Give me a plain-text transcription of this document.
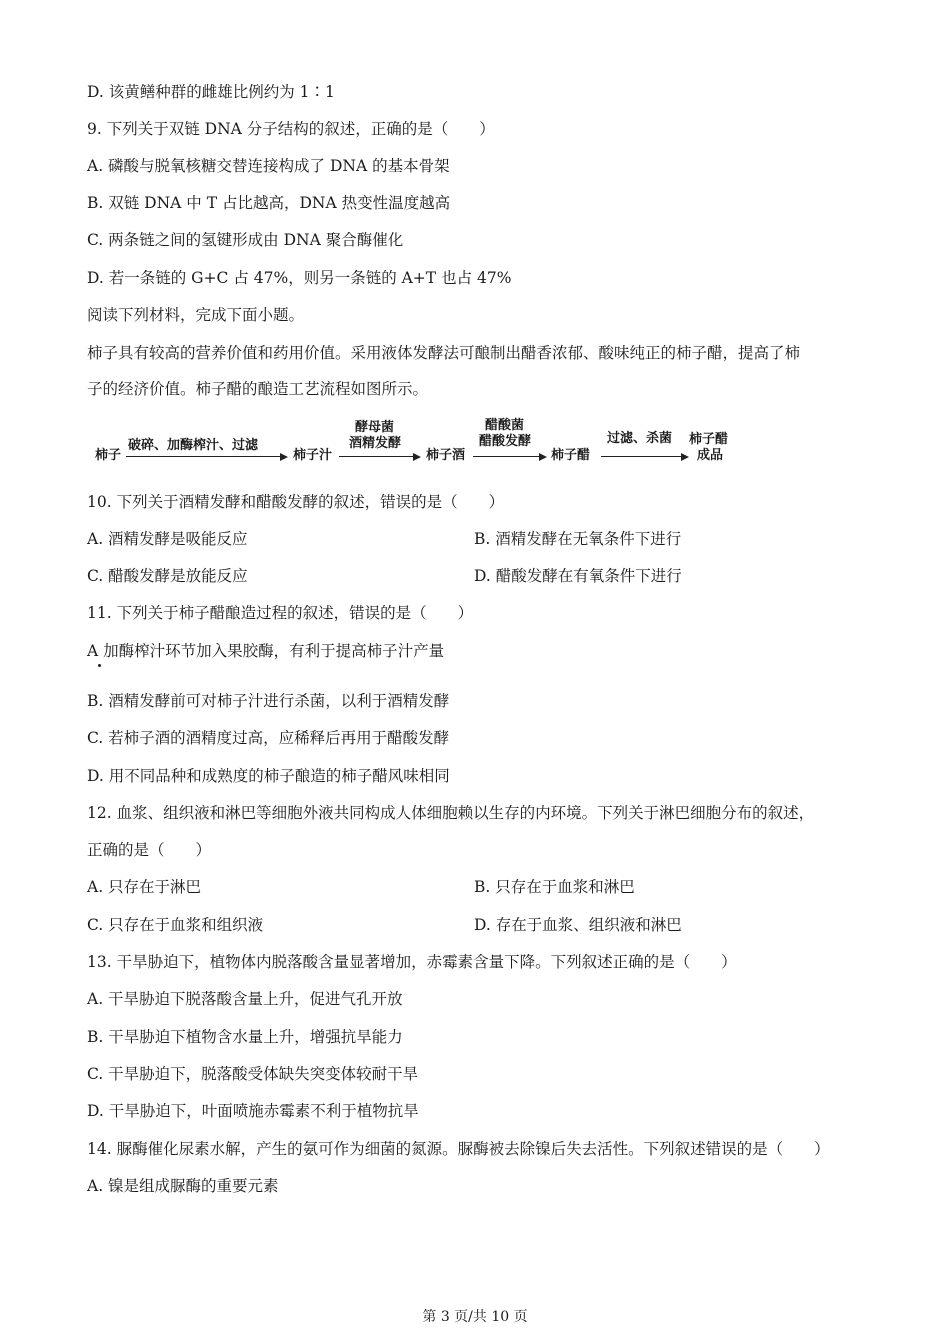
D. 该黄鳝种群的雌雄比例约为 1∶1
9. 下列关于双链 DNA 分子结构的叙述，正确的是（　　）
A. 磷酸与脱氧核糖交替连接构成了 DNA 的基本骨架
B. 双链 DNA 中 T 占比越高，DNA 热变性温度越高
C. 两条链之间的氢键形成由 DNA 聚合酶催化
D. 若一条链的 G+C 占 47%，则另一条链的 A+T 也占 47%
阅读下列材料，完成下面小题。
柿子具有较高的营养价值和药用价值。采用液体发酵法可酿制出醋香浓郁、酸味纯正的柿子醋，提高了柿
子的经济价值。柿子醋的酿造工艺流程如图所示。
柿子
破碎、加酶榨汁、过滤
柿子汁
酵母菌
酒精发酵
柿子酒
醋酸菌
醋酸发酵
柿子醋
过滤、杀菌 柿子醋
成品
10. 下列关于酒精发酵和醋酸发酵的叙述，错误的是（　　）
A. 酒精发酵是吸能反应	B. 酒精发酵在无氧条件下进行
C. 醋酸发酵是放能反应	D. 醋酸发酵在有氧条件下进行
11. 下列关于柿子醋酿造过程的叙述，错误的是（　　）
A 加酶榨汁环节加入果胶酶，有利于提高柿子汁产量
B. 酒精发酵前可对柿子汁进行杀菌，以利于酒精发酵
C. 若柿子酒的酒精度过高，应稀释后再用于醋酸发酵
D. 用不同品种和成熟度的柿子酿造的柿子醋风味相同
12. 血浆、组织液和淋巴等细胞外液共同构成人体细胞赖以生存的内环境。下列关于淋巴细胞分布的叙述，
正确的是（　　）
A. 只存在于淋巴	B. 只存在于血浆和淋巴
C. 只存在于血浆和组织液	D. 存在于血浆、组织液和淋巴
13. 干旱胁迫下，植物体内脱落酸含量显著增加，赤霉素含量下降。下列叙述正确的是（　　）
A. 干旱胁迫下脱落酸含量上升，促进气孔开放
B. 干旱胁迫下植物含水量上升，增强抗旱能力
C. 干旱胁迫下，脱落酸受体缺失突变体较耐干旱
D. 干旱胁迫下，叶面喷施赤霉素不利于植物抗旱
14. 脲酶催化尿素水解，产生的氨可作为细菌的氮源。脲酶被去除镍后失去活性。下列叙述错误的是（　　）
A. 镍是组成脲酶的重要元素
第 3 页/共 10 页
